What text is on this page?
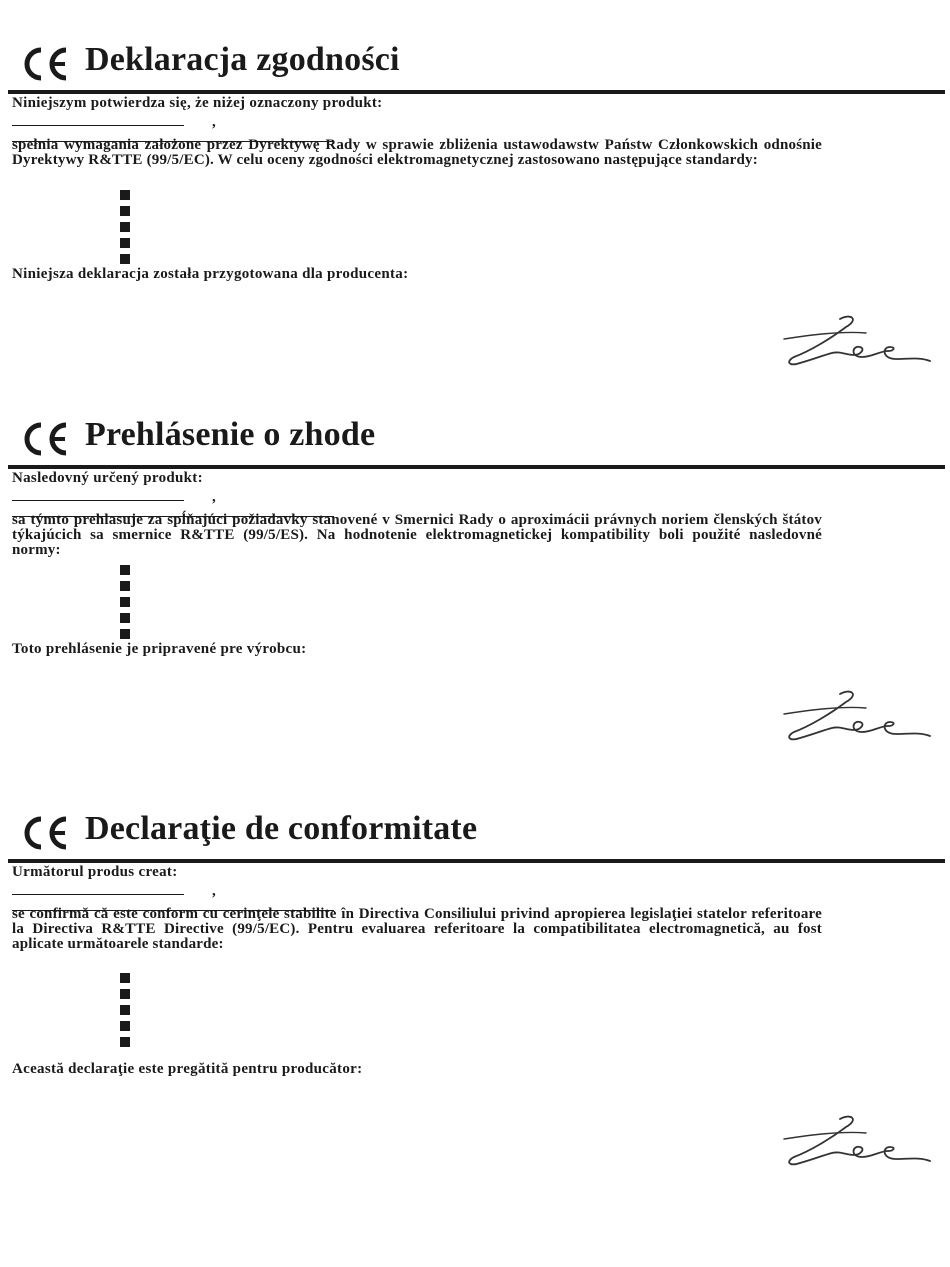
Deklaracja zgodności
Niniejszym potwierdza się, że niżej oznaczony produkt:
,
spełnia wymagania założone przez Dyrektywę Rady w sprawie zbliżenia ustawodawstw Państw Członkowskich odnośnie Dyrektywy R&TTE (99/5/EC). W celu oceny zgodności elektromagnetycznej zastosowano następujące standardy:
Niniejsza deklaracja została przygotowana dla producenta:
Prehlásenie o zhode
Nasledovný určený produkt:
,
sa týmto prehlasuje za spĺňajúci požiadavky stanovené v Smernici Rady o aproximácii právnych noriem členských štátov týkajúcich sa smernice R&TTE (99/5/ES). Na hodnotenie elektromagnetickej kompatibility boli použité nasledovné normy:
Toto prehlásenie je pripravené pre výrobcu:
Declaraţie de conformitate
Următorul produs creat:
,
se confirmă că este conform cu cerinţele stabilite în Directiva Consiliului privind apropierea legislaţiei statelor referitoare la Directiva R&TTE Directive (99/5/EC). Pentru evaluarea referitoare la compatibilitatea electromagnetică, au fost aplicate următoarele standarde:
Această declaraţie este pregătită pentru producător:
